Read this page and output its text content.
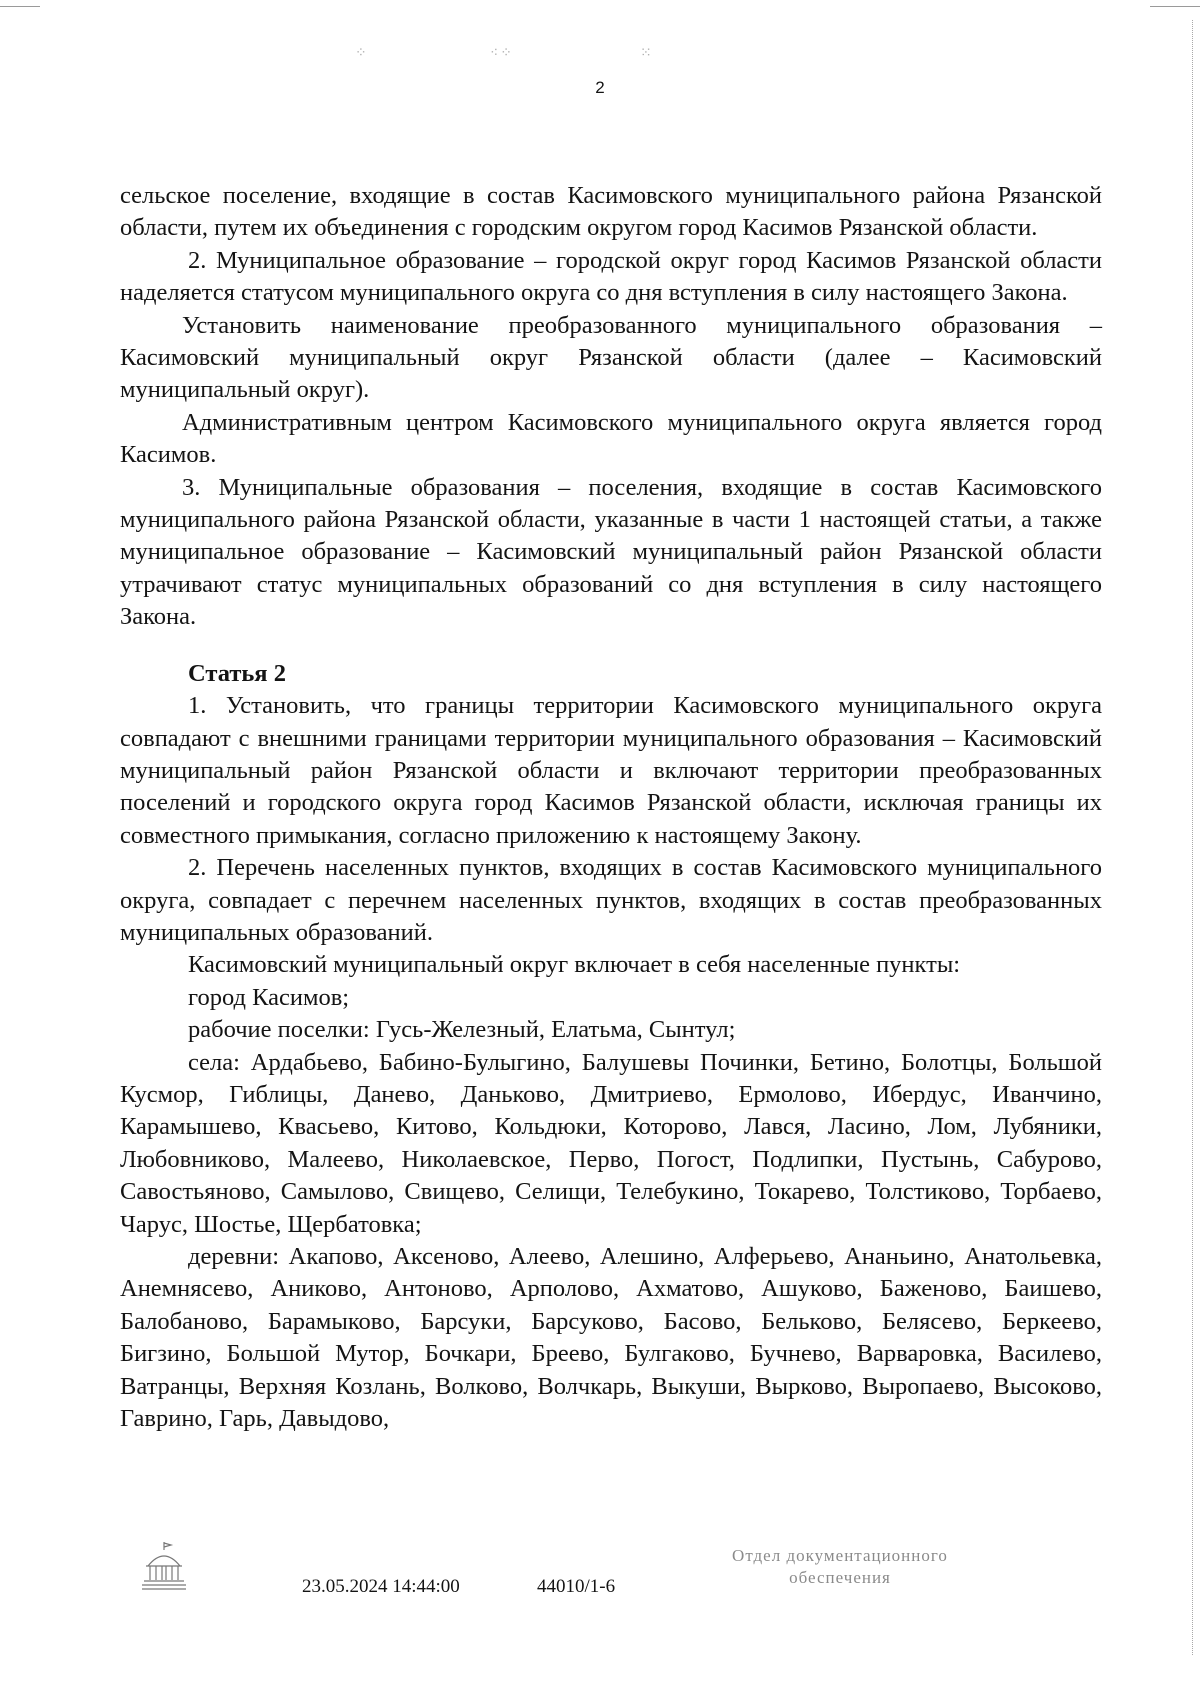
⁘	⁖⁘	⁙
2

сельское поселение, входящие в состав Касимовского муниципального района Рязанской области, путем их объединения с городским округом город Касимов Рязанской области.

2. Муниципальное образование – городской округ город Касимов Рязанской области наделяется статусом муниципального округа со дня вступления в силу настоящего Закона.

Установить наименование преобразованного муниципального образования – Касимовский муниципальный округ Рязанской области (далее – Касимовский муниципальный округ).

Административным центром Касимовского муниципального округа является город Касимов.

3. Муниципальные образования – поселения, входящие в состав Касимовского муниципального района Рязанской области, указанные в части 1 настоящей статьи, а также муниципальное образование – Касимовский муниципальный район Рязанской области утрачивают статус муниципальных образований со дня вступления в силу настоящего Закона.

Статья 2

1. Установить, что границы территории Касимовского муниципального округа совпадают с внешними границами территории муниципального образования – Касимовский муниципальный район Рязанской области и включают территории преобразованных поселений и городского округа город Касимов Рязанской области, исключая границы их совместного примыкания, согласно приложению к настоящему Закону.

2. Перечень населенных пунктов, входящих в состав Касимовского муниципального округа, совпадает с перечнем населенных пунктов, входящих в состав преобразованных муниципальных образований.

Касимовский муниципальный округ включает в себя населенные пункты:

город Касимов;

рабочие поселки: Гусь-Железный, Елатьма, Сынтул;

села: Ардабьево, Бабино-Булыгино, Балушевы Починки, Бетино, Болотцы, Большой Кусмор, Гиблицы, Данево, Даньково, Дмитриево, Ермолово, Ибердус, Иванчино, Карамышево, Квасьево, Китово, Кольдюки, Которово, Лався, Ласино, Лом, Лубяники, Любовниково, Малеево, Николаевское, Перво, Погост, Подлипки, Пустынь, Сабурово, Савостьяново, Самылово, Свищево, Селищи, Телебукино, Токарево, Толстиково, Торбаево, Чарус, Шостье, Щербатовка;

деревни: Акапово, Аксеново, Алеево, Алешино, Алферьево, Ананьино, Анатольевка, Анемнясево, Аниково, Антоново, Арполово, Ахматово, Ашуково, Баженово, Баишево, Балобаново, Барамыково, Барсуки, Барсуково, Басово, Бельково, Белясево, Беркеево, Бигзино, Большой Мутор, Бочкари, Бреево, Булгаково, Бучнево, Варваровка, Василево, Ватранцы, Верхняя Козлань, Волково, Волчкарь, Выкуши, Вырково, Выропаево, Высоково, Гаврино, Гарь, Давыдово,

23.05.2024 14:44:00	44010/1-6
Отдел документационного
обеспечения
